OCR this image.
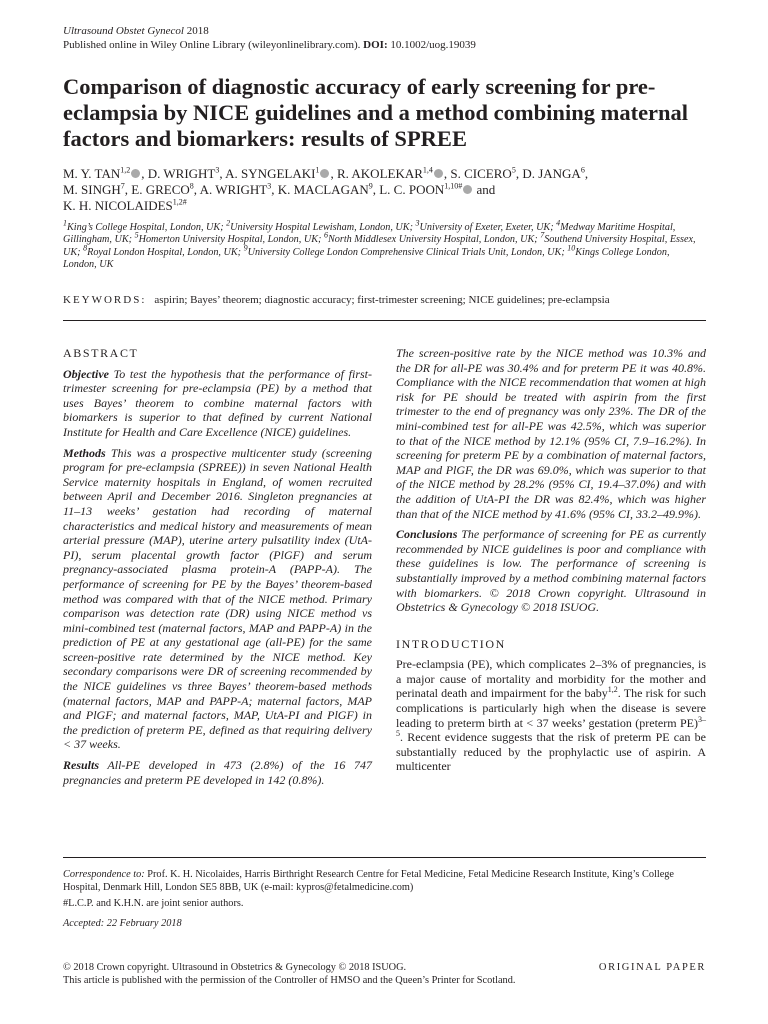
Ultrasound Obstet Gynecol 2018
Published online in Wiley Online Library (wileyonlinelibrary.com). DOI: 10.1002/uog.19039
Comparison of diagnostic accuracy of early screening for pre-eclampsia by NICE guidelines and a method combining maternal factors and biomarkers: results of SPREE
M. Y. TAN$^{1,2}$ , D. WRIGHT$^3$, A. SYNGELAKI$^1$ , R. AKOLEKAR$^{1,4}$ , S. CICERO$^5$, D. JANGA$^6$,
M. SINGH$^7$, E. GRECO$^8$, A. WRIGHT$^3$, K. MACLAGAN$^9$, L. C. $POON^{1,10\#}$ and
K. H. $NICOLAIDES^{1,2\#}$
$^1$King’s College Hospital, London, UK; $^2$University Hospital Lewisham, London, UK; $^3$University of Exeter, Exeter, UK; $^4$Medway Maritime Hospital, Gillingham, UK; $^5$Homerton University Hospital, London, UK; $^6$North Middlesex University Hospital, London, UK; $^7$Southend University Hospital, Essex, UK; $^8$Royal London Hospital, London, UK; $^9$University College London Comprehensive Clinical Trials Unit, London, UK; $^{10}$Kings College London, London, UK
KEYWORDS: aspirin; Bayes’ theorem; diagnostic accuracy; first-trimester screening; NICE guidelines; pre-eclampsia

ABSTRACT

Objective To test the hypothesis that the performance of first-trimester screening for pre-eclampsia (PE) by a method that uses Bayes’ theorem to combine maternal factors with biomarkers is superior to that defined by current National Institute for Health and Care Excellence (NICE) guidelines.

Methods This was a prospective multicenter study (screening program for pre-eclampsia (SPREE)) in seven National Health Service maternity hospitals in England, of women recruited between April and December 2016. Singleton pregnancies at 11–13 weeks’ gestation had recording of maternal characteristics and medical history and measurements of mean arterial pressure (MAP), uterine artery pulsatility index (UtA-PI), serum placental growth factor (PlGF) and serum pregnancy-associated plasma protein-A (PAPP-A). The performance of screening for PE by the Bayes’ theorem-based method was compared with that of the NICE method. Primary comparison was detection rate (DR) using NICE method vs mini-combined test (maternal factors, MAP and PAPP-A) in the prediction of PE at any gestational age (all-PE) for the same screen-positive rate determined by the NICE method. Key secondary comparisons were DR of screening recommended by the NICE guidelines vs three Bayes’ theorem-based methods (maternal factors, MAP and PAPP-A; maternal factors, MAP and PlGF; and maternal factors, MAP, UtA-PI and PlGF) in the prediction of preterm PE, defined as that requiring delivery < 37 weeks.

Results All-PE developed in 473 (2.8%) of the 16 747 pregnancies and preterm PE developed in 142 (0.8%).

The screen-positive rate by the NICE method was 10.3% and the DR for all-PE was 30.4% and for preterm PE it was 40.8%. Compliance with the NICE recommendation that women at high risk for PE should be treated with aspirin from the first trimester to the end of pregnancy was only 23%. The DR of the mini-combined test for all-PE was 42.5%, which was superior to that of the NICE method by 12.1% (95% CI, 7.9–16.2%). In screening for preterm PE by a combination of maternal factors, MAP and PlGF, the DR was 69.0%, which was superior to that of the NICE method by 28.2% (95% CI, 19.4–37.0%) and with the addition of UtA-PI the DR was 82.4%, which was higher than that of the NICE method by 41.6% (95% CI, 33.2–49.9%).

Conclusions The performance of screening for PE as currently recommended by NICE guidelines is poor and compliance with these guidelines is low. The performance of screening is substantially improved by a method combining maternal factors with biomarkers. © 2018 Crown copyright. Ultrasound in Obstetrics & Gynecology © 2018 ISUOG.

INTRODUCTION

Pre-eclampsia (PE), which complicates 2–3% of pregnancies, is a major cause of mortality and morbidity for the mother and perinatal death and impairment for the baby$^{1,2}$. The risk for such complications is particularly high when the disease is severe leading to preterm birth at < 37 weeks’ gestation (preterm PE)$^{3-5}$. Recent evidence suggests that the risk of preterm PE can be substantially reduced by the prophylactic use of aspirin. A multicenter

Correspondence to: Prof. K. H. Nicolaides, Harris Birthright Research Centre for Fetal Medicine, Fetal Medicine Research Institute, King’s College Hospital, Denmark Hill, London SE5 8BB, UK (e-mail: kypros@fetalmedicine.com)

#L.C.P. and K.H.N. are joint senior authors.

Accepted: 22 February 2018
© 2018 Crown copyright. Ultrasound in Obstetrics & Gynecology © 2018 ISUOG.
This article is published with the permission of the Controller of HMSO and the Queen’s Printer for Scotland.
ORIGINAL PAPER
